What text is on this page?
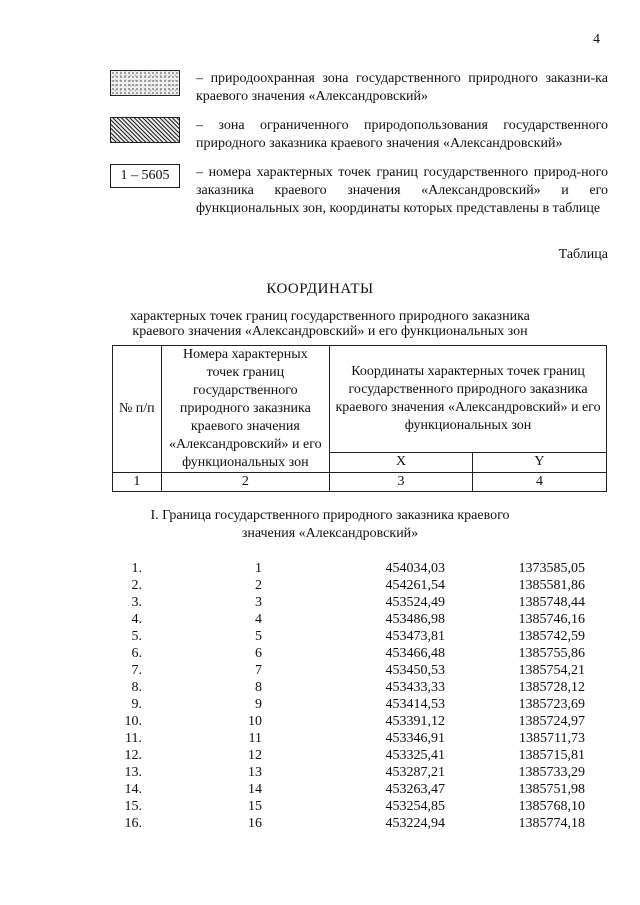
4
– природоохранная зона государственного природного заказни-ка краевого значения «Александровский»
– зона ограниченного природопользования государственного природного заказника краевого значения «Александровский»
1 – 5605	– номера характерных точек границ государственного природ-ного заказника краевого значения «Александровский» и его функциональных зон, координаты которых представлены в таблице
Таблица
КООРДИНАТЫ
характерных точек границ государственного природного заказника краевого значения «Александровский» и его функциональных зон
№ п/п	Номера характерных точек границ государственного природного заказника краевого значения «Александровский» и его функциональных зон	Координаты характерных точек границ государственного природного заказника краевого значения «Александровский» и его функциональных зон	
		X	Y
1	2	3	4
I. Граница государственного природного заказника краевого значения «Александровский»
1.	1	454034,03	1373585,05
2.	2	454261,54	1385581,86
3.	3	453524,49	1385748,44
4.	4	453486,98	1385746,16
5.	5	453473,81	1385742,59
6.	6	453466,48	1385755,86
7.	7	453450,53	1385754,21
8.	8	453433,33	1385728,12
9.	9	453414,53	1385723,69
10.	10	453391,12	1385724,97
11.	11	453346,91	1385711,73
12.	12	453325,41	1385715,81
13.	13	453287,21	1385733,29
14.	14	453263,47	1385751,98
15.	15	453254,85	1385768,10
16.	16	453224,94	1385774,18
